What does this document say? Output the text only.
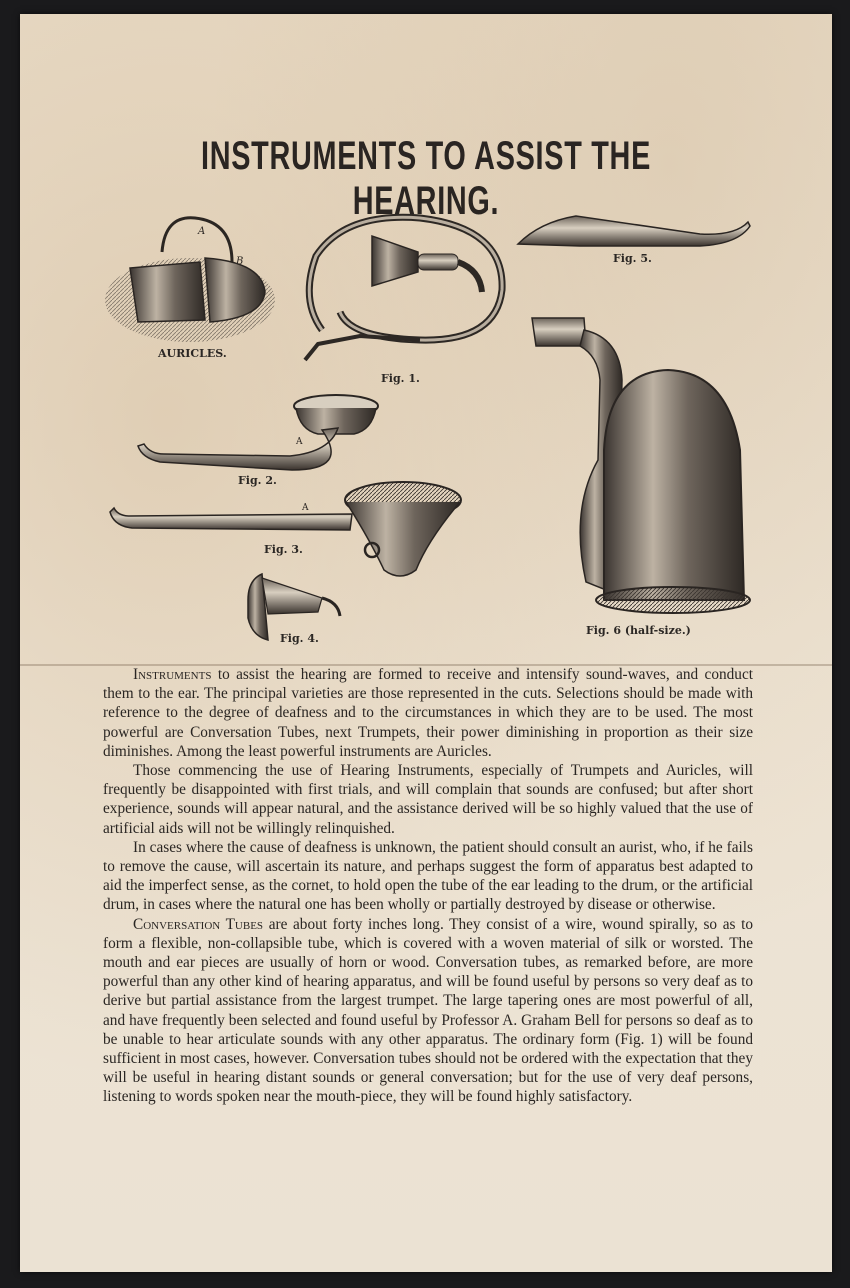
INSTRUMENTS TO ASSIST THE HEARING.
A
B
A
A
AURICLES.
Fig. 1.
Fig. 5.
Fig. 2.
Fig. 3.
Fig. 4.
Fig. 6 (half-size.)

Instruments to assist the hearing are formed to receive and intensify sound-waves, and conduct them to the ear. The principal varieties are those represented in the cuts. Selections should be made with reference to the degree of deafness and to the circumstances in which they are to be used. The most powerful are Conversation Tubes, next Trumpets, their power diminishing in proportion as their size diminishes. Among the least powerful instruments are Auricles.

Those commencing the use of Hearing Instruments, especially of Trumpets and Auricles, will frequently be disappointed with first trials, and will complain that sounds are confused; but after short experience, sounds will appear natural, and the assistance derived will be so highly valued that the use of artificial aids will not be willingly relinquished.

In cases where the cause of deafness is unknown, the patient should consult an aurist, who, if he fails to remove the cause, will ascertain its nature, and perhaps suggest the form of apparatus best adapted to aid the imperfect sense, as the cornet, to hold open the tube of the ear leading to the drum, or the artificial drum, in cases where the natural one has been wholly or partially destroyed by disease or otherwise.

Conversation Tubes are about forty inches long. They consist of a wire, wound spirally, so as to form a flexible, non-collapsible tube, which is covered with a woven material of silk or worsted. The mouth and ear pieces are usually of horn or wood. Conversation tubes, as remarked before, are more powerful than any other kind of hearing apparatus, and will be found useful by persons so very deaf as to derive but partial assistance from the largest trumpet. The large tapering ones are most powerful of all, and have frequently been selected and found useful by Professor A. Graham Bell for persons so deaf as to be unable to hear articulate sounds with any other apparatus. The ordinary form (Fig. 1) will be found sufficient in most cases, however. Conversation tubes should not be ordered with the expectation that they will be useful in hearing distant sounds or general conversation; but for the use of very deaf persons, listening to words spoken near the mouth-piece, they will be found highly satisfactory.
